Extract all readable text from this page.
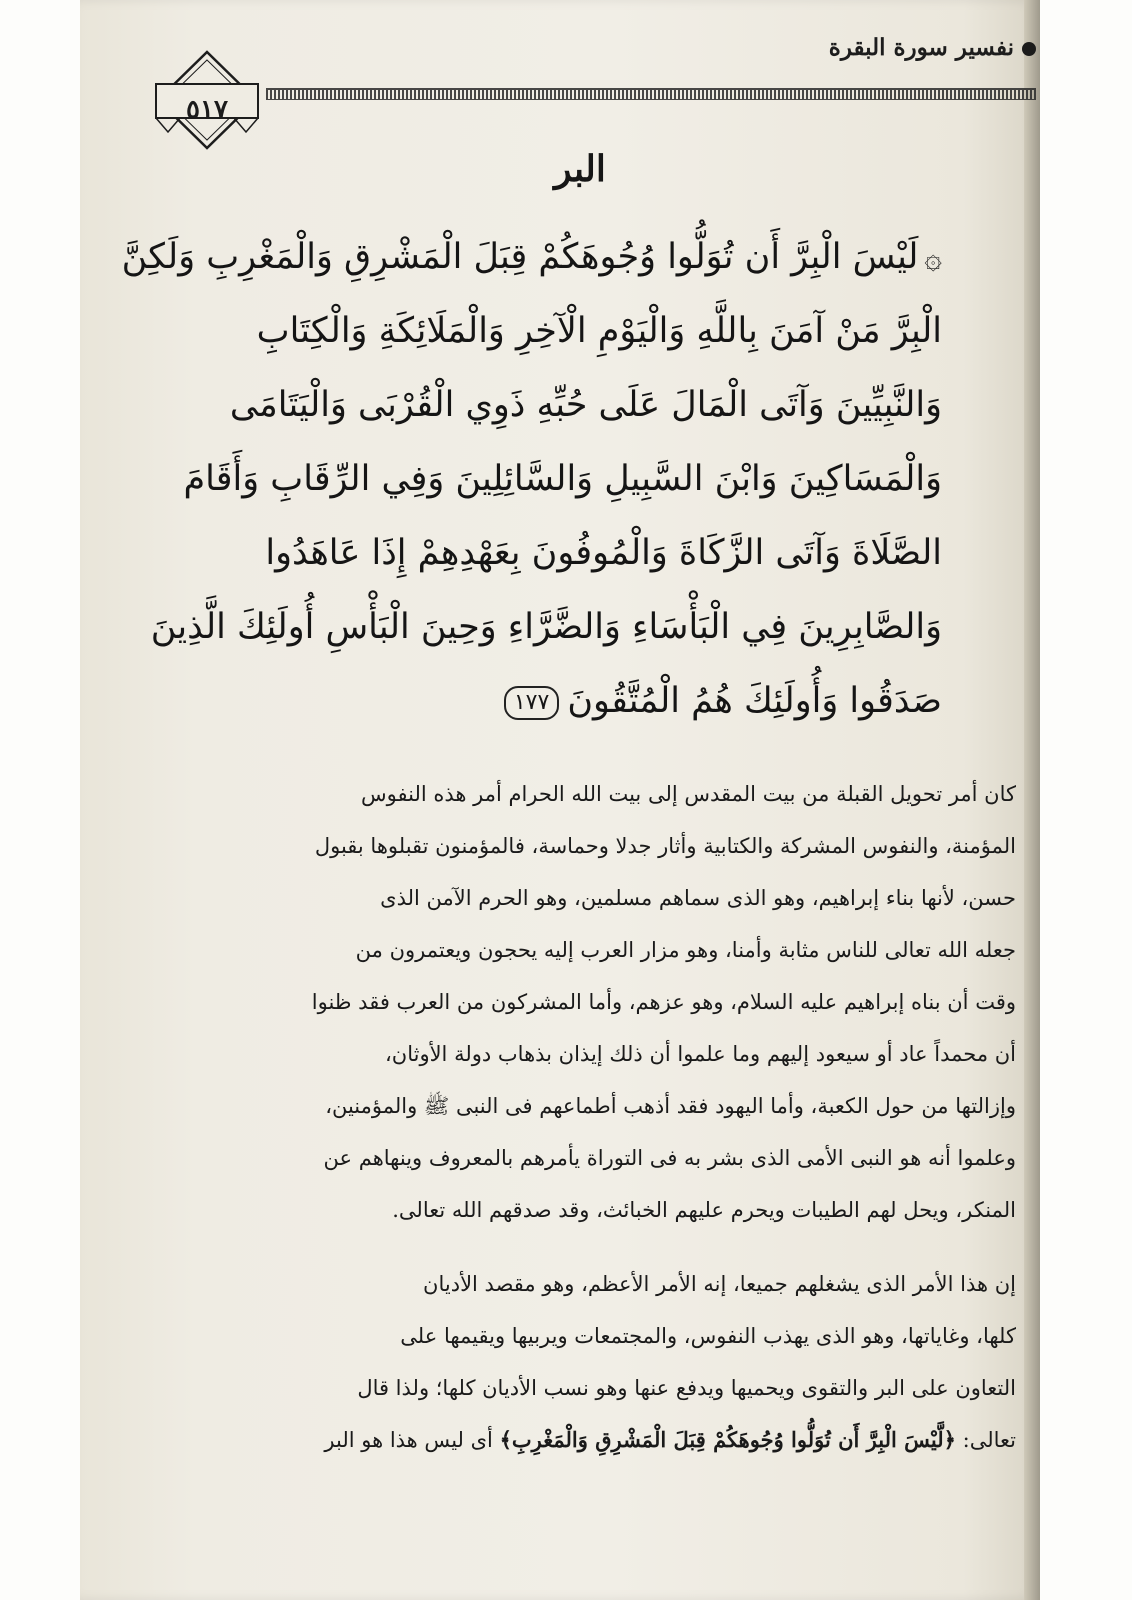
نفسير سورة البقرة
٥١٧
البر
۞لَيْسَ الْبِرَّ أَن تُوَلُّوا وُجُوهَكُمْ قِبَلَ الْمَشْرِقِ وَالْمَغْرِبِ وَلَكِنَّ
الْبِرَّ مَنْ آمَنَ بِاللَّهِ وَالْيَوْمِ الْآخِرِ وَالْمَلَائِكَةِ وَالْكِتَابِ
وَالنَّبِيِّينَ وَآتَى الْمَالَ عَلَى حُبِّهِ ذَوِي الْقُرْبَى وَالْيَتَامَى
وَالْمَسَاكِينَ وَابْنَ السَّبِيلِ وَالسَّائِلِينَ وَفِي الرِّقَابِ وَأَقَامَ
الصَّلَاةَ وَآتَى الزَّكَاةَ وَالْمُوفُونَ بِعَهْدِهِمْ إِذَا عَاهَدُوا
وَالصَّابِرِينَ فِي الْبَأْسَاءِ وَالضَّرَّاءِ وَحِينَ الْبَأْسِ أُولَئِكَ الَّذِينَ
صَدَقُوا وَأُولَئِكَ هُمُ الْمُتَّقُونَ١٧٧
كان أمر تحويل القبلة من بيت المقدس إلى بيت الله الحرام أمر هذه النفوس
المؤمنة، والنفوس المشركة والكتابية وأثار جدلا وحماسة، فالمؤمنون تقبلوها بقبول
حسن، لأنها بناء إبراهيم، وهو الذى سماهم مسلمين، وهو الحرم الآمن الذى
جعله الله تعالى للناس مثابة وأمنا، وهو مزار العرب إليه يحجون ويعتمرون من
وقت أن بناه إبراهيم عليه السلام، وهو عزهم، وأما المشركون من العرب فقد ظنوا
أن محمداً عاد أو سيعود إليهم وما علموا أن ذلك إيذان بذهاب دولة الأوثان،
وإزالتها من حول الكعبة، وأما اليهود فقد أذهب أطماعهم فى النبى ﷺ والمؤمنين،
وعلموا أنه هو النبى الأمى الذى بشر به فى التوراة يأمرهم بالمعروف وينهاهم عن
المنكر، ويحل لهم الطيبات ويحرم عليهم الخبائث، وقد صدقهم الله تعالى.
إن هذا الأمر الذى يشغلهم جميعا، إنه الأمر الأعظم، وهو مقصد الأديان
كلها، وغاياتها، وهو الذى يهذب النفوس، والمجتمعات ويربيها ويقيمها على
التعاون على البر والتقوى ويحميها ويدفع عنها وهو نسب الأديان كلها؛ ولذا قال
تعالى: ﴿لَّيْسَ الْبِرَّ أَن تُوَلُّوا وُجُوهَكُمْ قِبَلَ الْمَشْرِقِ وَالْمَغْرِبِ﴾ أى ليس هذا هو البر
